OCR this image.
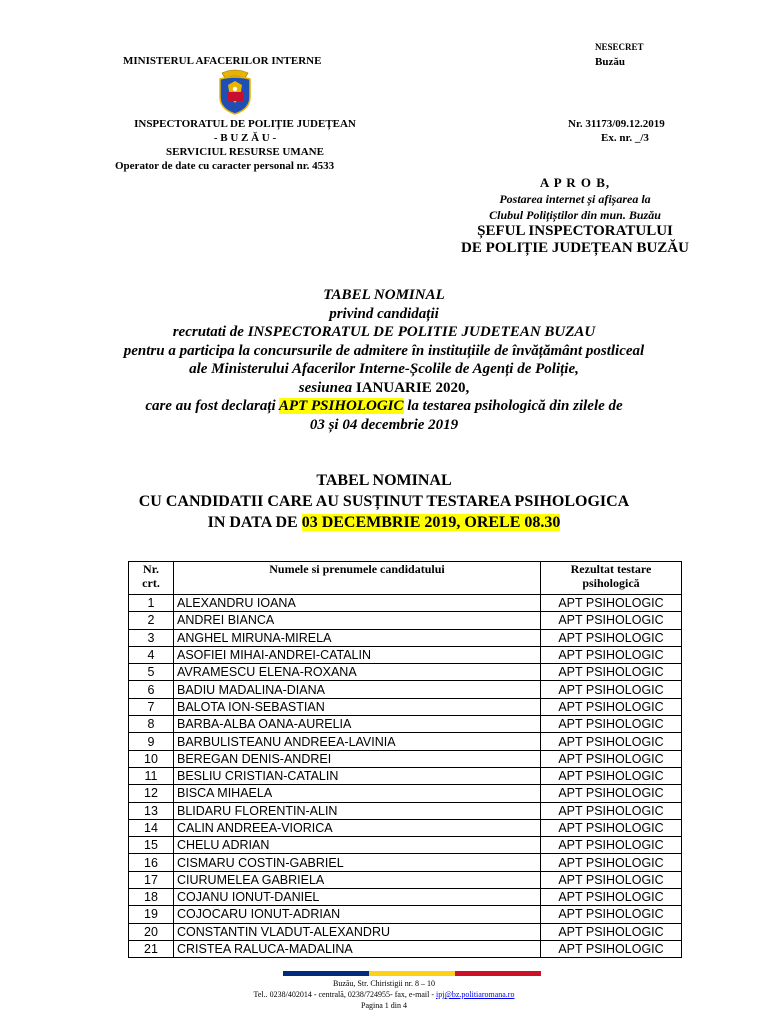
MINISTERUL AFACERILOR INTERNE
NESECRET
Buzău
INSPECTORATUL DE POLIȚIE JUDEȚEAN
- B U Z Ă U -
SERVICIUL RESURSE UMANE
Operator de date cu caracter personal nr. 4533
Nr. 31173/09.12.2019
Ex. nr. _/3
A P R O B,
Postarea internet și afișarea la
Clubul Polițiștilor din mun. Buzău
ȘEFUL INSPECTORATULUI
DE POLIȚIE JUDEȚEAN BUZĂU
TABEL NOMINAL
privind candidații
recrutati de INSPECTORATUL DE POLITIE JUDETEAN BUZAU
pentru a participa la concursurile de admitere în instituțiile de învățământ postliceal
ale Ministerului Afacerilor Interne-Școlile de Agenți de Poliție,
sesiunea IANUARIE 2020,
care au fost declarați APT PSIHOLOGIC la testarea psihologică din zilele de
03 și 04 decembrie 2019
TABEL NOMINAL
CU CANDIDATII CARE AU SUSȚINUT TESTAREA PSIHOLOGICA
IN DATA DE 03 DECEMBRIE 2019, ORELE 08.30
Nr.
crt.	Numele si prenumele candidatului	Rezultat testare
psihologică
1	ALEXANDRU IOANA	APT PSIHOLOGIC
2	ANDREI BIANCA	APT PSIHOLOGIC
3	ANGHEL MIRUNA-MIRELA	APT PSIHOLOGIC
4	ASOFIEI MIHAI-ANDREI-CATALIN	APT PSIHOLOGIC
5	AVRAMESCU ELENA-ROXANA	APT PSIHOLOGIC
6	BADIU MADALINA-DIANA	APT PSIHOLOGIC
7	BALOTA ION-SEBASTIAN	APT PSIHOLOGIC
8	BARBA-ALBA OANA-AURELIA	APT PSIHOLOGIC
9	BARBULISTEANU ANDREEA-LAVINIA	APT PSIHOLOGIC
10	BEREGAN DENIS-ANDREI	APT PSIHOLOGIC
11	BESLIU CRISTIAN-CATALIN	APT PSIHOLOGIC
12	BISCA MIHAELA	APT PSIHOLOGIC
13	BLIDARU FLORENTIN-ALIN	APT PSIHOLOGIC
14	CALIN ANDREEA-VIORICA	APT PSIHOLOGIC
15	CHELU ADRIAN	APT PSIHOLOGIC
16	CISMARU COSTIN-GABRIEL	APT PSIHOLOGIC
17	CIURUMELEA GABRIELA	APT PSIHOLOGIC
18	COJANU IONUT-DANIEL	APT PSIHOLOGIC
19	COJOCARU IONUT-ADRIAN	APT PSIHOLOGIC
20	CONSTANTIN VLADUT-ALEXANDRU	APT PSIHOLOGIC
21	CRISTEA RALUCA-MADALINA	APT PSIHOLOGIC
Buzău, Str. Chiristigii nr. 8 – 10
Tel.. 0238/402014 - centrală, 0238/724955- fax, e-mail - ipj@bz.politiaromana.ro
Pagina 1 din 4
